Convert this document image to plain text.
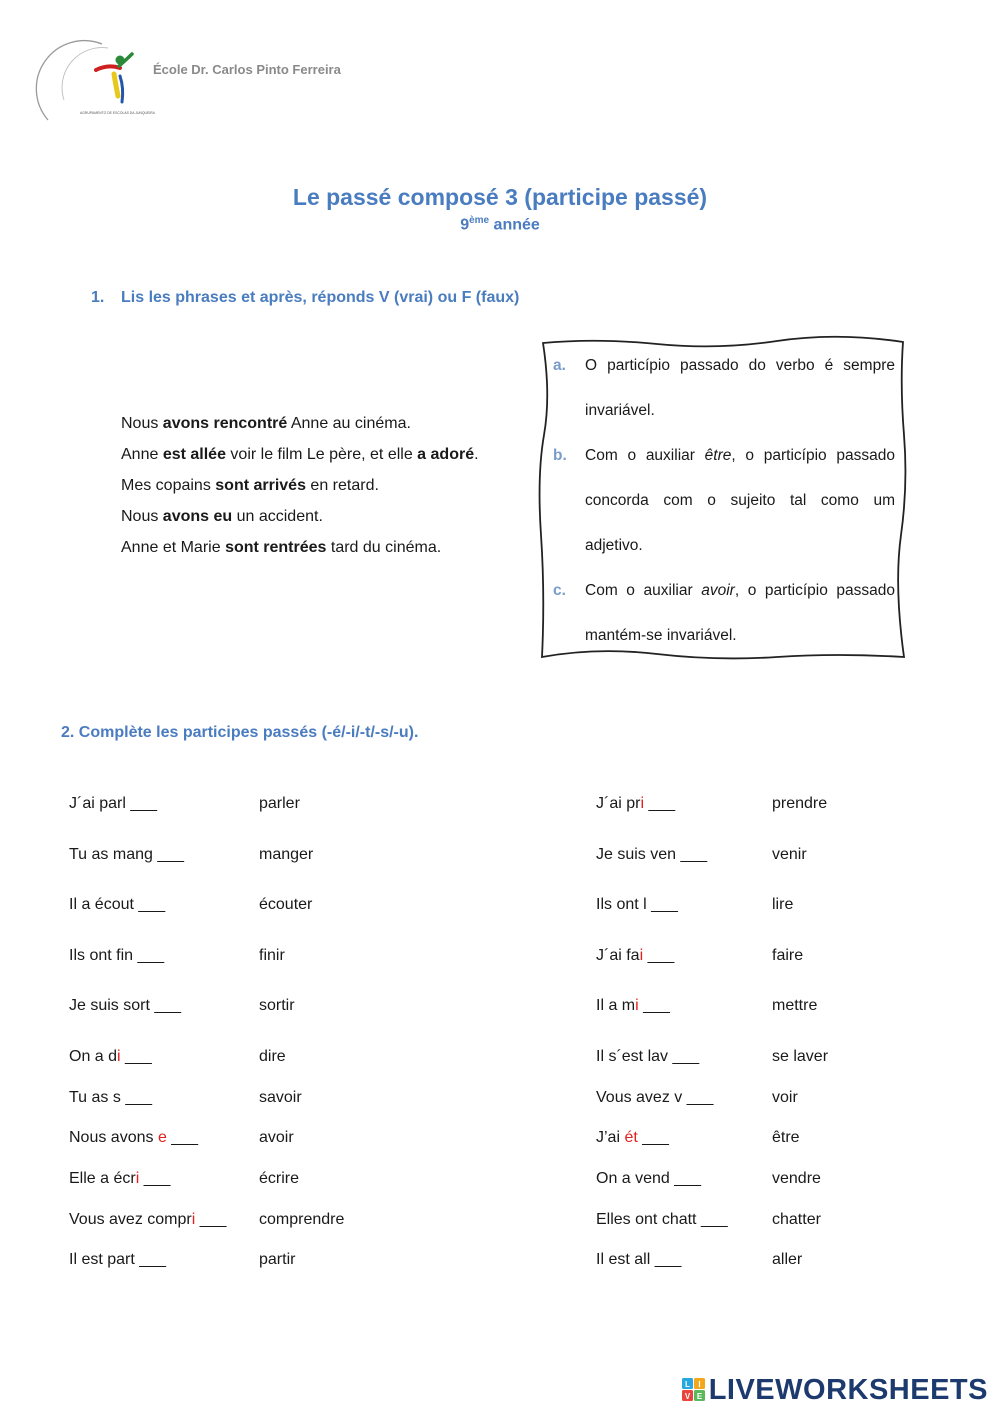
AGRUPAMENTO DE ESCOLAS DA JUNQUEIRA
École Dr. Carlos Pinto Ferreira
Le passé composé 3 (participe passé)
9ème année
1. Lis les phrases et après, réponds V (vrai) ou F (faux)
Nous avons rencontré Anne au cinéma.
Anne est allée voir le film Le père, et elle a adoré.
Mes copains sont arrivés en retard.
Nous avons eu un accident.
Anne et Marie sont rentrées tard du cinéma.
a.	O particípio passado do verbo é sempre invariável.
b.	Com o auxiliar être, o particípio passado concorda com o sujeito tal como um adjetivo.
c.	Com o auxiliar avoir, o particípio passado mantém-se invariável.
2. Complète les participes passés (-é/-i/-t/-s/-u).
J´ai parl ___	parler
Tu as mang ___	manger
Il a écout ___	écouter
Ils ont fin ___	finir
Je suis sort ___	sortir
On a di ___	dire
Tu as s ___	savoir
Nous avons e ___	avoir
Elle a écri ___	écrire
Vous avez compri ___ comprendre
Il est part ___	partir
J´ai pri ___	prendre
Je suis ven ___	venir
Ils ont l ___	lire
J´ai fai ___	faire
Il a mi ___	mettre
Il s´est lav ___	se laver
Vous avez v ___	voir
J’ai ét ___	être
On a vend ___	vendre
Elles ont chatt ___	chatter
Il est all ___	aller
L I
V E LIVEWORKSHEETS
